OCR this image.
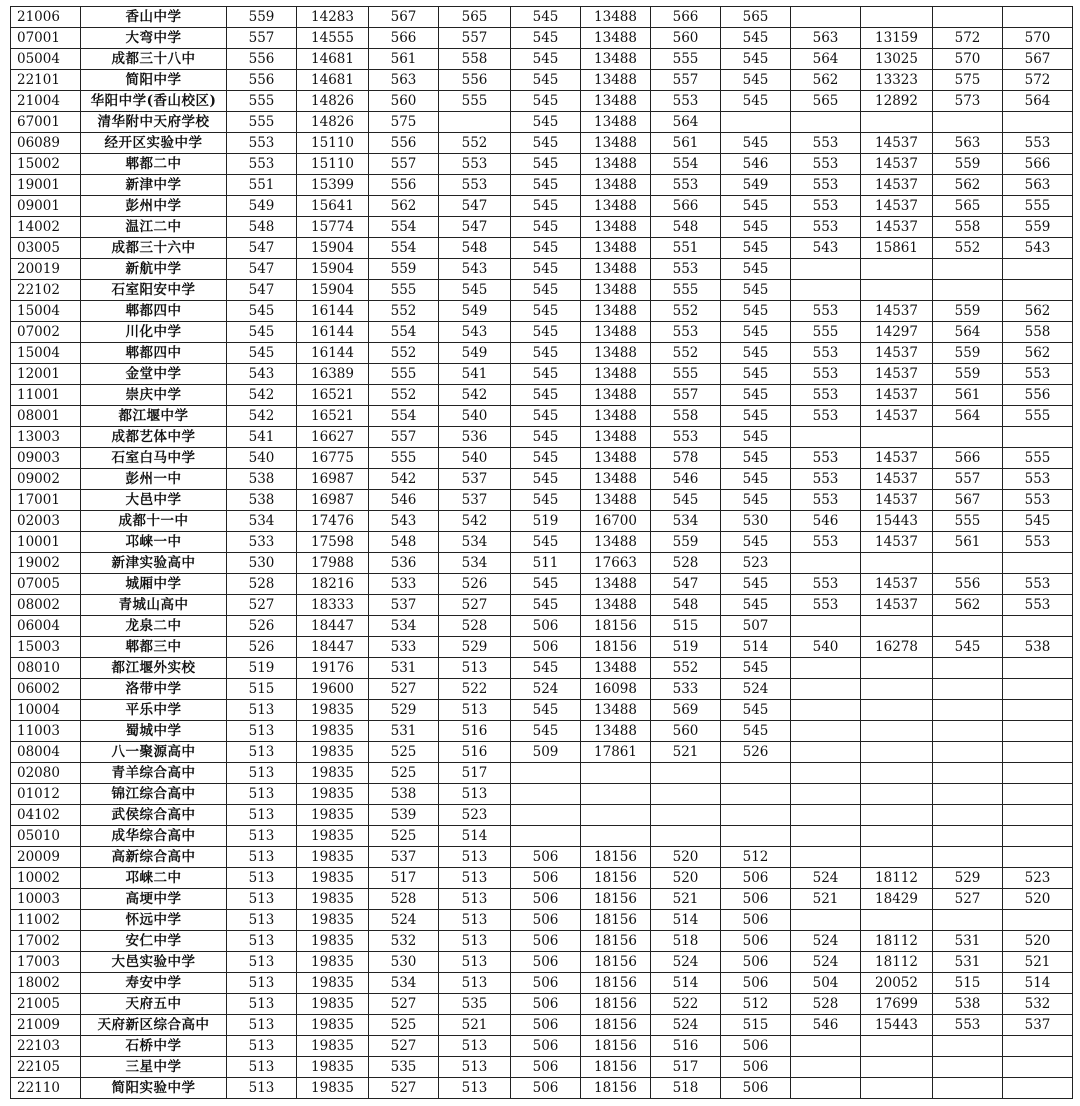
21006	香山中学	559	14283	567	565	545	13488	566	565				
07001	大弯中学	557	14555	566	557	545	13488	560	545	563	13159	572	570
05004	成都三十八中	556	14681	561	558	545	13488	555	545	564	13025	570	567
22101	简阳中学	556	14681	563	556	545	13488	557	545	562	13323	575	572
21004	华阳中学(香山校区)	555	14826	560	555	545	13488	553	545	565	12892	573	564
67001	清华附中天府学校	555	14826	575		545	13488	564					
06089	经开区实验中学	553	15110	556	552	545	13488	561	545	553	14537	563	553
15002	郫都二中	553	15110	557	553	545	13488	554	546	553	14537	559	566
19001	新津中学	551	15399	556	553	545	13488	553	549	553	14537	562	563
09001	彭州中学	549	15641	562	547	545	13488	566	545	553	14537	565	555
14002	温江二中	548	15774	554	547	545	13488	548	545	553	14537	558	559
03005	成都三十六中	547	15904	554	548	545	13488	551	545	543	15861	552	543
20019	新航中学	547	15904	559	543	545	13488	553	545				
22102	石室阳安中学	547	15904	555	545	545	13488	555	545				
15004	郫都四中	545	16144	552	549	545	13488	552	545	553	14537	559	562
07002	川化中学	545	16144	554	543	545	13488	553	545	555	14297	564	558
15004	郫都四中	545	16144	552	549	545	13488	552	545	553	14537	559	562
12001	金堂中学	543	16389	555	541	545	13488	555	545	553	14537	559	553
11001	崇庆中学	542	16521	552	542	545	13488	557	545	553	14537	561	556
08001	都江堰中学	542	16521	554	540	545	13488	558	545	553	14537	564	555
13003	成都艺体中学	541	16627	557	536	545	13488	553	545				
09003	石室白马中学	540	16775	555	540	545	13488	578	545	553	14537	566	555
09002	彭州一中	538	16987	542	537	545	13488	546	545	553	14537	557	553
17001	大邑中学	538	16987	546	537	545	13488	545	545	553	14537	567	553
02003	成都十一中	534	17476	543	542	519	16700	534	530	546	15443	555	545
10001	邛崃一中	533	17598	548	534	545	13488	559	545	553	14537	561	553
19002	新津实验高中	530	17988	536	534	511	17663	528	523				
07005	城厢中学	528	18216	533	526	545	13488	547	545	553	14537	556	553
08002	青城山高中	527	18333	537	527	545	13488	548	545	553	14537	562	553
06004	龙泉二中	526	18447	534	528	506	18156	515	507				
15003	郫都三中	526	18447	533	529	506	18156	519	514	540	16278	545	538
08010	都江堰外实校	519	19176	531	513	545	13488	552	545				
06002	洛带中学	515	19600	527	522	524	16098	533	524				
10004	平乐中学	513	19835	529	513	545	13488	569	545				
11003	蜀城中学	513	19835	531	516	545	13488	560	545				
08004	八一聚源高中	513	19835	525	516	509	17861	521	526				
02080	青羊综合高中	513	19835	525	517								
01012	锦江综合高中	513	19835	538	513								
04102	武侯综合高中	513	19835	539	523								
05010	成华综合高中	513	19835	525	514								
20009	高新综合高中	513	19835	537	513	506	18156	520	512				
10002	邛崃二中	513	19835	517	513	506	18156	520	506	524	18112	529	523
10003	高埂中学	513	19835	528	513	506	18156	521	506	521	18429	527	520
11002	怀远中学	513	19835	524	513	506	18156	514	506				
17002	安仁中学	513	19835	532	513	506	18156	518	506	524	18112	531	520
17003	大邑实验中学	513	19835	530	513	506	18156	524	506	524	18112	531	521
18002	寿安中学	513	19835	534	513	506	18156	514	506	504	20052	515	514
21005	天府五中	513	19835	527	535	506	18156	522	512	528	17699	538	532
21009	天府新区综合高中	513	19835	525	521	506	18156	524	515	546	15443	553	537
22103	石桥中学	513	19835	527	513	506	18156	516	506				
22105	三星中学	513	19835	535	513	506	18156	517	506				
22110	简阳实验中学	513	19835	527	513	506	18156	518	506				
